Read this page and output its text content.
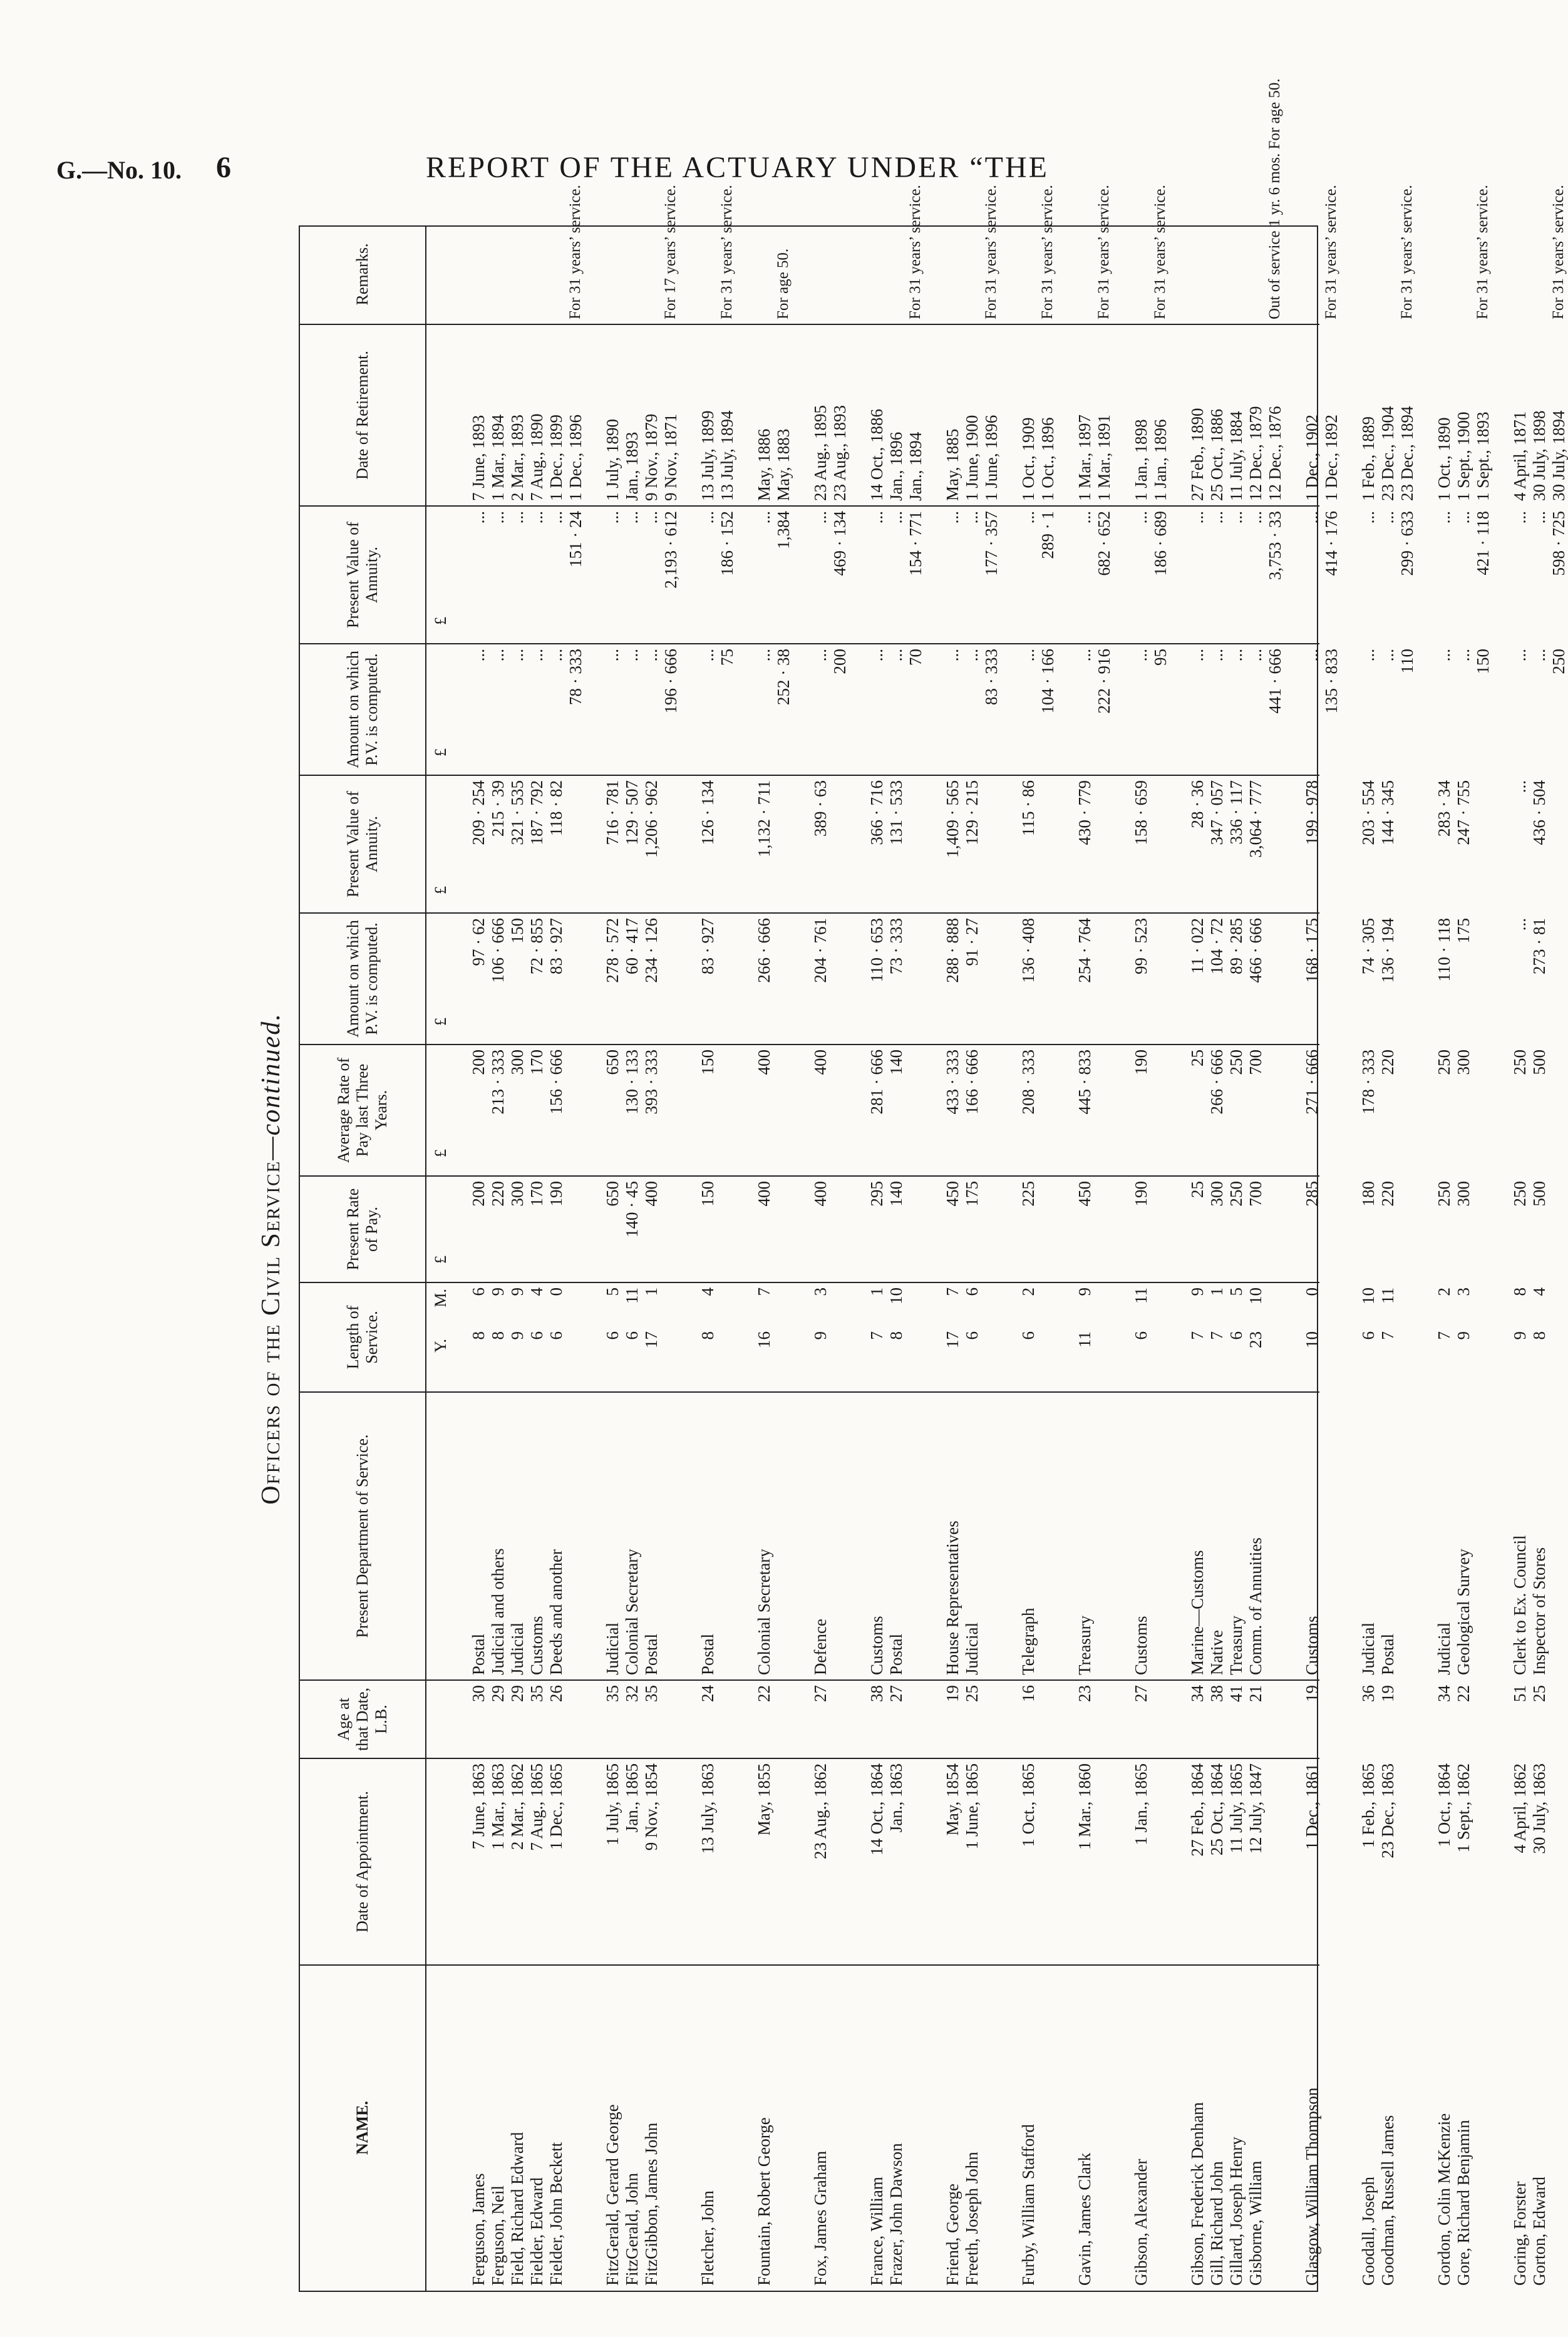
G.—No. 10. 6	REPORT OF THE ACTUARY UNDER “THE
Officers of the Civil Service—continued.
NAME.
Date of Appointment.
Age at that Date, L.B.
Present Department of Service.
Length of Service.
Present Rate of Pay.
Average Rate of Pay last Three Years.
Amount on which P.V. is computed.
Present Value of Annuity.
Amount on which P.V. is computed.
Present Value of Annuity.
Date of Retirement.
Remarks.
Y.
M.
£
£
£
£
£
£
Ferguson, James
7 June, 1863
30
Postal
86
200
200
97 · 62
209 · 254
...
...
7 June, 1893
Ferguson, Neil
1 Mar., 1863
29
Judicial and others
89
220
213 · 333
106 · 666
215 · 39
...
...
1 Mar., 1894
Field, Richard Edward
2 Mar., 1862
29
Judicial
99
300
300
150
321 · 535
...
...
2 Mar., 1893
Fielder, Edward
7 Aug., 1865
35
Customs
64
170
170
72 · 855
187 · 792
...
...
7 Aug., 1890
Fielder, John Beckett
1 Dec., 1865
26
Deeds and another
60
190
156 · 666
83 · 927
118 · 82
...
...
1 Dec., 1899
78 · 333
151 · 24
1 Dec., 1896
For 31 years’ service.
FitzGerald, Gerard George
1 July, 1865
35
Judicial
65
650
650
278 · 572
716 · 781
...
...
1 July, 1890
FitzGerald, John
Jan., 1865
32
Colonial Secretary
611
140 · 45
130 · 133
60 · 417
129 · 507
...
...
Jan., 1893
FitzGibbon, James John
9 Nov., 1854
35
Postal
171
400
393 · 333
234 · 126
1,206 · 962
...
...
9 Nov., 1879
196 · 666
2,193 · 612
9 Nov., 1871
For 17 years’ service.
Fletcher, John
13 July, 1863
24
Postal
84
150
150
83 · 927
126 · 134
...
...
13 July, 1899
75
186 · 152
13 July, 1894
For 31 years’ service.
Fountain, Robert George
May, 1855
22
Colonial Secretary
167
400
400
266 · 666
1,132 · 711
...
...
May, 1886
252 · 38
1,384
May, 1883
For age 50.
Fox, James Graham
23 Aug., 1862
27
Defence
93
400
400
204 · 761
389 · 63
...
...
23 Aug., 1895
200
469 · 134
23 Aug., 1893
France, William
14 Oct., 1864
38
Customs
71
295
281 · 666
110 · 653
366 · 716
...
...
14 Oct., 1886
Frazer, John Dawson
Jan., 1863
27
Postal
810
140
140
73 · 333
131 · 533
...
...
Jan., 1896
70
154 · 771
Jan., 1894
For 31 years’ service.
Friend, George
May, 1854
19
House Representatives
177
450
433 · 333
288 · 888
1,409 · 565
...
...
May, 1885
Freeth, Joseph John
1 June, 1865
25
Judicial
66
175
166 · 666
91 · 27
129 · 215
...
...
1 June, 1900
83 · 333
177 · 357
1 June, 1896
For 31 years’ service.
Furby, William Stafford
1 Oct., 1865
16
Telegraph
62
225
208 · 333
136 · 408
115 · 86
...
...
1 Oct., 1909
104 · 166
289 · 1
1 Oct., 1896
For 31 years’ service.
Gavin, James Clark
1 Mar., 1860
23
Treasury
119
450
445 · 833
254 · 764
430 · 779
...
...
1 Mar., 1897
222 · 916
682 · 652
1 Mar., 1891
For 31 years’ service.
Gibson, Alexander
1 Jan., 1865
27
Customs
611
190
190
99 · 523
158 · 659
...
...
1 Jan., 1898
95
186 · 689
1 Jan., 1896
For 31 years’ service.
Gibson, Frederick Denham
27 Feb., 1864
34
Marine—Customs
79
25
25
11 · 022
28 · 36
...
...
27 Feb., 1890
Gill, Richard John
25 Oct., 1864
38
Native
71
300
266 · 666
104 · 72
347 · 057
...
...
25 Oct., 1886
Gillard, Joseph Henry
11 July, 1865
41
Treasury
65
250
250
89 · 285
336 · 117
...
...
11 July, 1884
Gisborne, William
12 July, 1847
21
Comm. of Annuities
2310
700
700
466 · 666
3,064 · 777
...
...
12 Dec., 1879
441 · 666
3,753 · 33
12 Dec., 1876
Out of service 1 yr. 6 mos. For age 50.
Glasgow, William Thompson
1 Dec., 1861
19
Customs
100
285
271 · 666
168 · 175
199 · 978
...
...
1 Dec., 1902
135 · 833
414 · 176
1 Dec., 1892
For 31 years’ service.
Goodall, Joseph
1 Feb., 1865
36
Judicial
610
180
178 · 333
74 · 305
203 · 554
...
...
1 Feb., 1889
Goodman, Russell James
23 Dec., 1863
19
Postal
711
220
220
136 · 194
144 · 345
...
...
23 Dec., 1904
110
299 · 633
23 Dec., 1894
For 31 years’ service.
Gordon, Colin McKenzie
1 Oct., 1864
34
Judicial
72
250
250
110 · 118
283 · 34
...
...
1 Oct., 1890
Gore, Richard Benjamin
1 Sept., 1862
22
Geological Survey
93
300
300
175
247 · 755
...
...
1 Sept., 1900
150
421 · 118
1 Sept., 1893
For 31 years’ service.
Goring, Forster
4 April, 1862
51
Clerk to Ex. Council
98
250
250
...
...
...
...
4 April, 1871
Gorton, Edward
30 July, 1863
25
Inspector of Stores
84
500
500
273 · 81
436 · 504
...
...
30 July, 1898
250
598 · 725
30 July, 1894
For 31 years’ service.
